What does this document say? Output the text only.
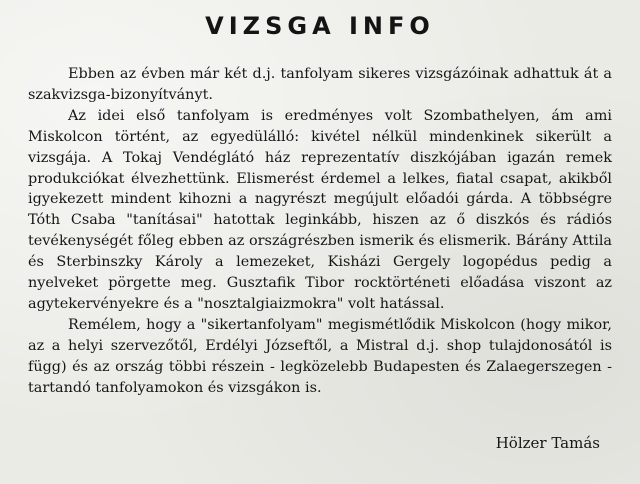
VIZSGA INFO

Ebben az évben már két d.j. tanfolyam sikeres vizsgázóinak adhattuk át a szakvizsga-bizonyítványt.

Az idei első tanfolyam is eredményes volt Szombathelyen, ám ami Miskolcon történt, az egyedülálló: kivétel nélkül mindenkinek sikerült a vizsgája. A Tokaj Vendéglátó ház reprezentatív diszkójában igazán remek produkciókat élvezhettünk. Elismerést érdemel a lelkes, fiatal csapat, akikből igyekezett mindent kihozni a nagyrészt megújult előadói gárda. A többségre Tóth Csaba "tanításai" hatottak leginkább, hiszen az ő diszkós és rádiós tevékenységét főleg ebben az országrészben ismerik és elismerik. Bárány Attila és Sterbinszky Károly a lemezeket, Kisházi Gergely logopédus pedig a nyelveket pörgette meg. Gusztafik Tibor rocktörténeti előadása viszont az agytekervényekre és a "nosztalgiaizmokra" volt hatással.

Remélem, hogy a "sikertanfolyam" megismétlődik Miskolcon (hogy mikor, az a helyi szervezőtől, Erdélyi Józseftől, a Mistral d.j. shop tulajdonosától is függ) és az ország többi részein - legközelebb Budapesten és Zalaegerszegen - tartandó tanfolyamokon és vizsgákon is.

Hölzer Tamás
